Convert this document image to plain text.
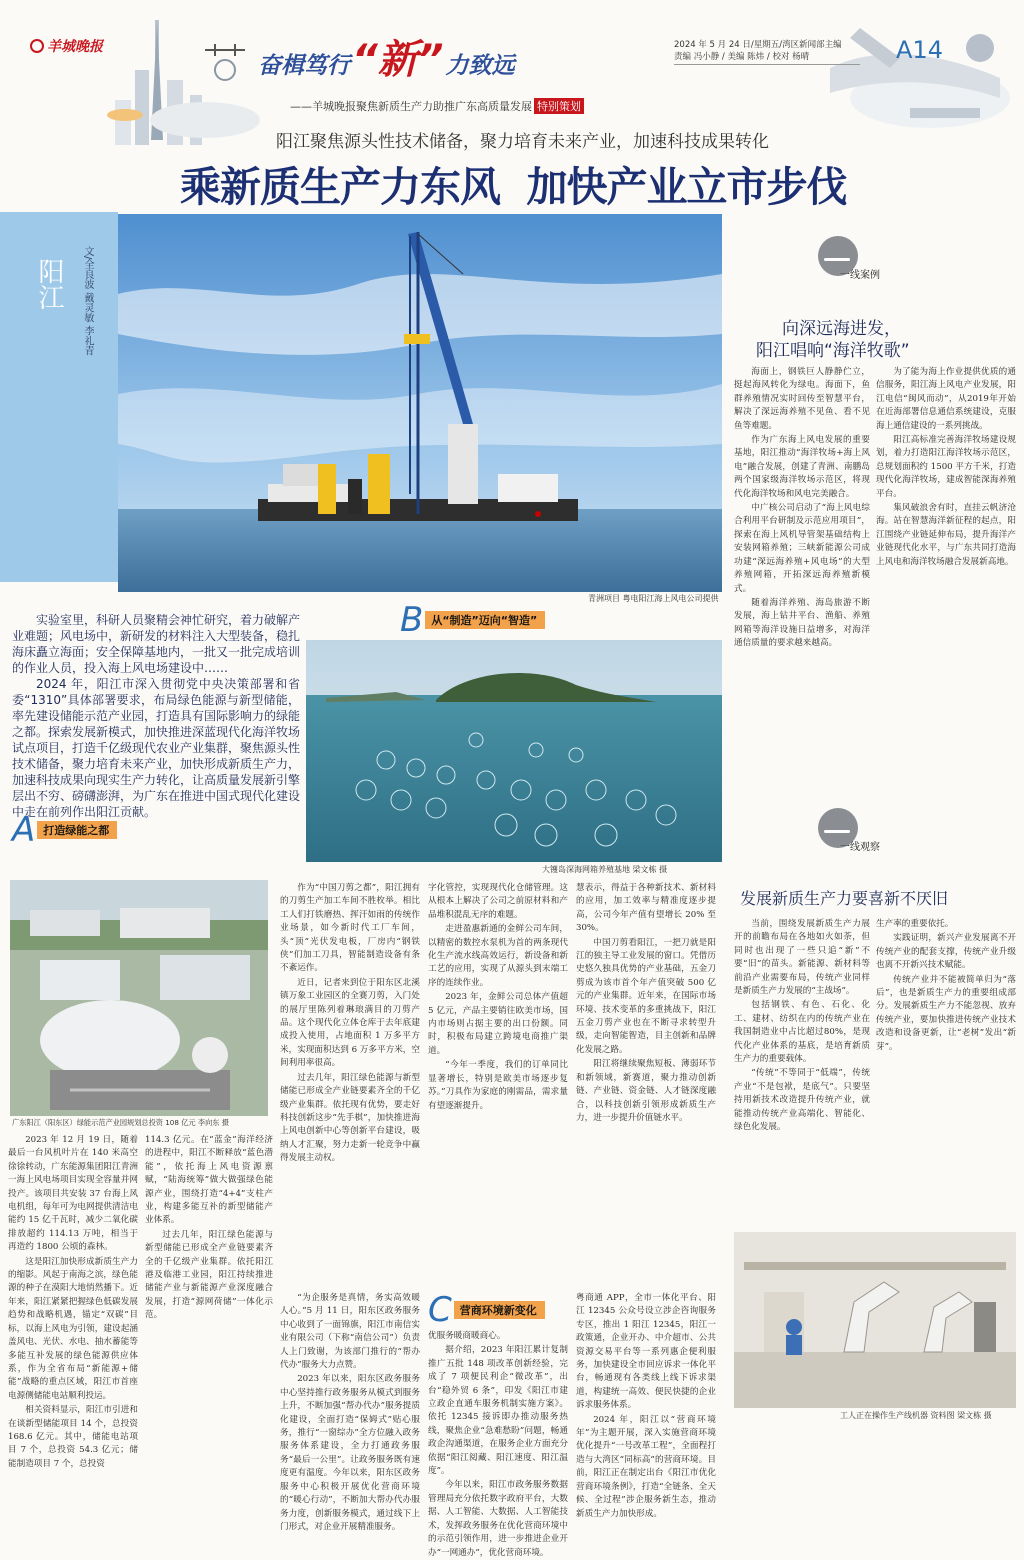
羊城晚报
奋楫笃行 “新” 力致远
——羊城晚报聚焦新质生产力助推广东高质量发展 特别策划
2024 年 5 月 24 日/星期五/湾区新闻部主编
责编 冯小静 / 美编 陈炜 / 校对 杨晴	A14
阳江聚焦源头性技术储备，聚力培育未来产业，加速科技成果转化
乘新质生产力东风  加快产业立市步伐
阳江	文/全良波 戴灵敏 李礼青
青洲项目 粤电阳江海上风电公司提供

实验室里，科研人员聚精会神忙研究，着力破解产业难题；风电场中，新研发的材料注入大型装备，稳扎海床矗立海面；安全保障基地内，一批又一批完成培训的作业人员，投入海上风电场建设中……

2024 年，阳江市深入贯彻党中央决策部署和省委“1310”具体部署要求，布局绿色能源与新型储能，率先建设储能示范产业园，打造具有国际影响力的绿能之都。探索发展新模式，加快推进深蓝现代化海洋牧场试点项目，打造千亿级现代农业产业集群，聚焦源头性技术储备，聚力培育未来产业，加快形成新质生产力，加速科技成果向现实生产力转化，让高质量发展新引擎层出不穷、磅礴澎湃，为广东在推进中国式现代化建设中走在前列作出阳江贡献。

B 从“制造”迈向“智造”
大镬岛深海网箱养殖基地 梁文栋 摄
一线案例
向深远海进发，
阳江唱响“海洋牧歌”

海面上，钢铁巨人静静伫立，挺起海风转化为绿电。海面下，鱼群养殖情况实时回传至智慧平台，解决了深远海养殖不见鱼、看不见鱼等难题。

作为广东海上风电发展的重要基地，阳江推动“海洋牧场+海上风电”融合发展，创建了青洲、南鹏岛两个国家级海洋牧场示范区，将现代化海洋牧场和风电完美融合。

中广核公司启动了“海上风电综合利用平台研制及示范应用项目”，探索在海上风机导管架基础结构上安装网箱养殖；三峡新能源公司成功建“深远海养殖+风电场”的大型养殖网箱，开拓深远海养殖新模式。

随着海洋养殖、海岛旅游不断发展，海上钻井平台、渔船、养殖网箱等海洋设施日益增多，对海洋通信质量的要求越来越高。

为了能为海上作业提供优质的通信服务，阳江海上风电产业发展，阳江电信“闽风而动”，从2019年开始在近海部署信息通信系统建设，克服海上通信建设的一系列挑战。

阳江高标准完善海洋牧场建设规划，着力打造阳江海洋牧场示范区，总规划面积约 1500 平方千米，打造现代化海洋牧场，建成智能深海养殖平台。

集风破浪舍有时，直挂云帆济沧海。站在智慧海洋新征程的起点，阳江围绕产业链延伸布局，提升海洋产业链现代化水平，与广东共同打造海上风电和海洋牧场融合发展新高地。

一线观察
发展新质生产力要喜新不厌旧

当前，围绕发展新质生产力展开的前瞻布局在各地如火如荼，但同时也出现了一些只追“新”不要“旧”的苗头。新能源、新材料等前沿产业需要布局，传统产业同样是新质生产力发展的“主战场”。

包括钢铁、有色、石化、化工、建材、纺织在内的传统产业在我国制造业中占比超过80%，是现代化产业体系的基底，是培育新质生产力的重要载体。

“传统”不等同于“低端”，传统产业“不是包袱，是底气”。只要坚持用新技术改造提升传统产业，就能推动传统产业高端化、智能化、绿色化发展。

生产率的重要依托。

实践证明，新兴产业发展离不开传统产业的配套支撑，传统产业升级也离不开新兴技术赋能。

传统产业并不能被简单归为“落后”，也是新质生产力的重要组成部分。发展新质生产力不能忽视、放弃传统产业，要加快推进传统产业技术改造和设备更新，让“老树”发出“新芽”。

工人正在操作生产线机器 资料图 梁文栋 摄
A 打造绿能之都
广东阳江（阳东区）绿能示范产业园规划总投资 108 亿元 李向东 摄

2023 年 12 月 19 日，随着最后一台风机叶片在 140 米高空徐徐转动，广东能源集团阳江青洲一海上风电场项目实现全容量并网投产。该项目共安装 37 台海上风电机组，每年可为电网提供清洁电能约 15 亿千瓦时，减少二氧化碳排放超约 114.13 万吨，相当于再造约 1800 公顷的森林。

这是阳江加快形成新质生产力的缩影。风起于南海之滨，绿色能源的种子在漠阳大地悄然播下。近年来，阳江紧紧把握绿色低碳发展趋势和战略机遇，锚定“双碳”目标，以海上风电为引领，建设起涵盖风电、光伏、水电、抽水蓄能等多能互补发展的绿色能源供应体系，作为全省布局“新能源+储能”战略的重点区域，阳江市首座电源侧储能电站顺利投运。

相关资料显示，阳江市引进和在谈新型储能项目 14 个，总投资 168.6 亿元。其中，储能电站项目 7 个，总投资 54.3 亿元；储能制造项目 7 个，总投资

114.3 亿元。在“蓝金”海洋经济的进程中，阳江不断释放“蓝色潜能”，依托海上风电资源禀赋，“陆海统筹”做大做强绿色能源产业，围绕打造“4+4”支柱产业，构建多能互补的新型储能产业体系。

过去几年，阳江绿色能源与新型储能已形成全产业链要素齐全的千亿级产业集群。依托阳江港及临港工业园，阳江持续推进储能产业与新能源产业深度融合发展，打造“源网荷储”一体化示范。

作为“中国刀剪之都”，阳江拥有的刀剪生产加工车间不胜枚举。相比工人们打铁磨热、挥汗如雨的传统作业场景，如今新时代工厂车间，头“顶”光伏发电板，厂房内“钢铁侠”们加工刀具，智能制造设备有条不紊运作。

近日，记者来到位于阳东区北溪镇万象工业园区的全赛刀剪，入门处的展厅里陈列着琳琅满目的刀剪产品。这个现代化立体仓库于去年底建成投入使用，占地面积 1 万多平方米，实现面积达到 6 万多平方米，空间利用率很高。

过去几年，阳江绿色能源与新型储能已形成全产业链要素齐全的千亿级产业集群。依托现有优势，要走好科技创新这步“先手棋”，加快推进海上风电创新中心等创新平台建设，吸纳人才汇聚，努力走新一轮竞争中赢得发展主动权。

字化管控，实现现代化仓储管理。这从根本上解决了公司之前原材料和产品堆积混乱无序的难题。

走进盈惠新通的金鲜公司车间，以精密的数控水泵机为首的两条现代化生产流水线高效运行，新设备和新工艺的应用，实现了从源头到末端工序的连续作业。

2023 年，金鲜公司总体产值超 5 亿元，产品主要销往欧美市场，国内市场则占据主要的出口份额。同时，积极布局建立跨境电商推广渠道。

“今年一季度，我们的订单同比显著增长，特别是欧美市场逐步复苏。”刀具作为家庭的刚需品，需求量有望逐渐提升。

慧表示，得益于各种新技术、新材料的应用，加工效率与精准度逐步提高，公司今年产值有望增长 20% 至 30%。

中国刀剪看阳江，一把刀就是阳江的独主导工业发展的窗口。凭借历史悠久独具优势的产业基础，五金刀剪成为该市首个年产值突破 500 亿元的产业集群。近年来，在国际市场环境、技术变革的多重挑战下，阳江五金刀剪产业也在不断寻求转型升级，走向智能智造，目主创新和品牌化发展之路。

阳江将继续聚焦短板、薄弱环节和新领域，新赛道，聚力推动创新链、产业链、资金链、人才链深度融合，以科技创新引领形成新质生产力，进一步提升价值链水平。

C 营商环境新变化

“为企服务是真情，务实高效暖人心。”5 月 11 日，阳东区政务服务中心收到了一面锦旗，阳江市南信实业有限公司（下称“南信公司”）负责人上门致谢，为该部门推行的“帮办代办”服务大力点赞。

2023 年以来，阳东区政务服务中心坚持推行政务服务从模式到服务上升，不断加强“帮办代办”服务提质化建设，全面打造“保姆式”贴心服务，推行“一窗综办”全方位融入政务服务体系建设，全力打通政务服务“最后一公里”。让政务服务既有速度更有温度。今年以来，阳东区政务服务中心积极开展优化营商环境的“暖心行动”，不断加大帮办代办服务力度，创新服务模式，通过线下上门形式，对企业开展精准服务。

优服务暖商暖商心。

据介绍，2023 年阳江累计复制推广五批 148 项改革创新经验，完成了 7 项便民利企“微改革”，出台“稳外贸 6 条”，印发《阳江市建立政企直通车服务机制实施方案》。依托 12345 接诉即办推动服务热线，聚焦企业“急难愁盼”问题，畅通政企沟通渠道，在服务企业方面充分依据“阳江阅藏、阳江速度、阳江温度”。

今年以来，阳江市政务服务数据管理局充分依托数字政府平台，大数据、人工智能、大数据、人工智能技术，发挥政务服务在优化营商环境中的示范引领作用，进一步推进企业开办“一网通办”，优化营商环境。

粤商通 APP，全市一体化平台、阳江 12345 公众号设立涉企咨询服务专区，推出 1 阳江 12345，阳江一政策通，企业开办、中介超市、公共资源交易平台等一系列惠企便利服务，加快建设全市回应诉求一体化平台，畅通现有各类线上线下诉求渠道，构建统一高效、便民快捷的企业诉求服务体系。

2024 年，阳江以“营商环境年”为主题开展，深入实施营商环境优化提升“一号改革工程”，全面程打造与大湾区“同标高”的营商环境。目前，阳江正在制定出台《阳江市优化营商环境条例》，打造“全链条、全天候、全过程”涉企服务新生态，推动新质生产力加快形成。
